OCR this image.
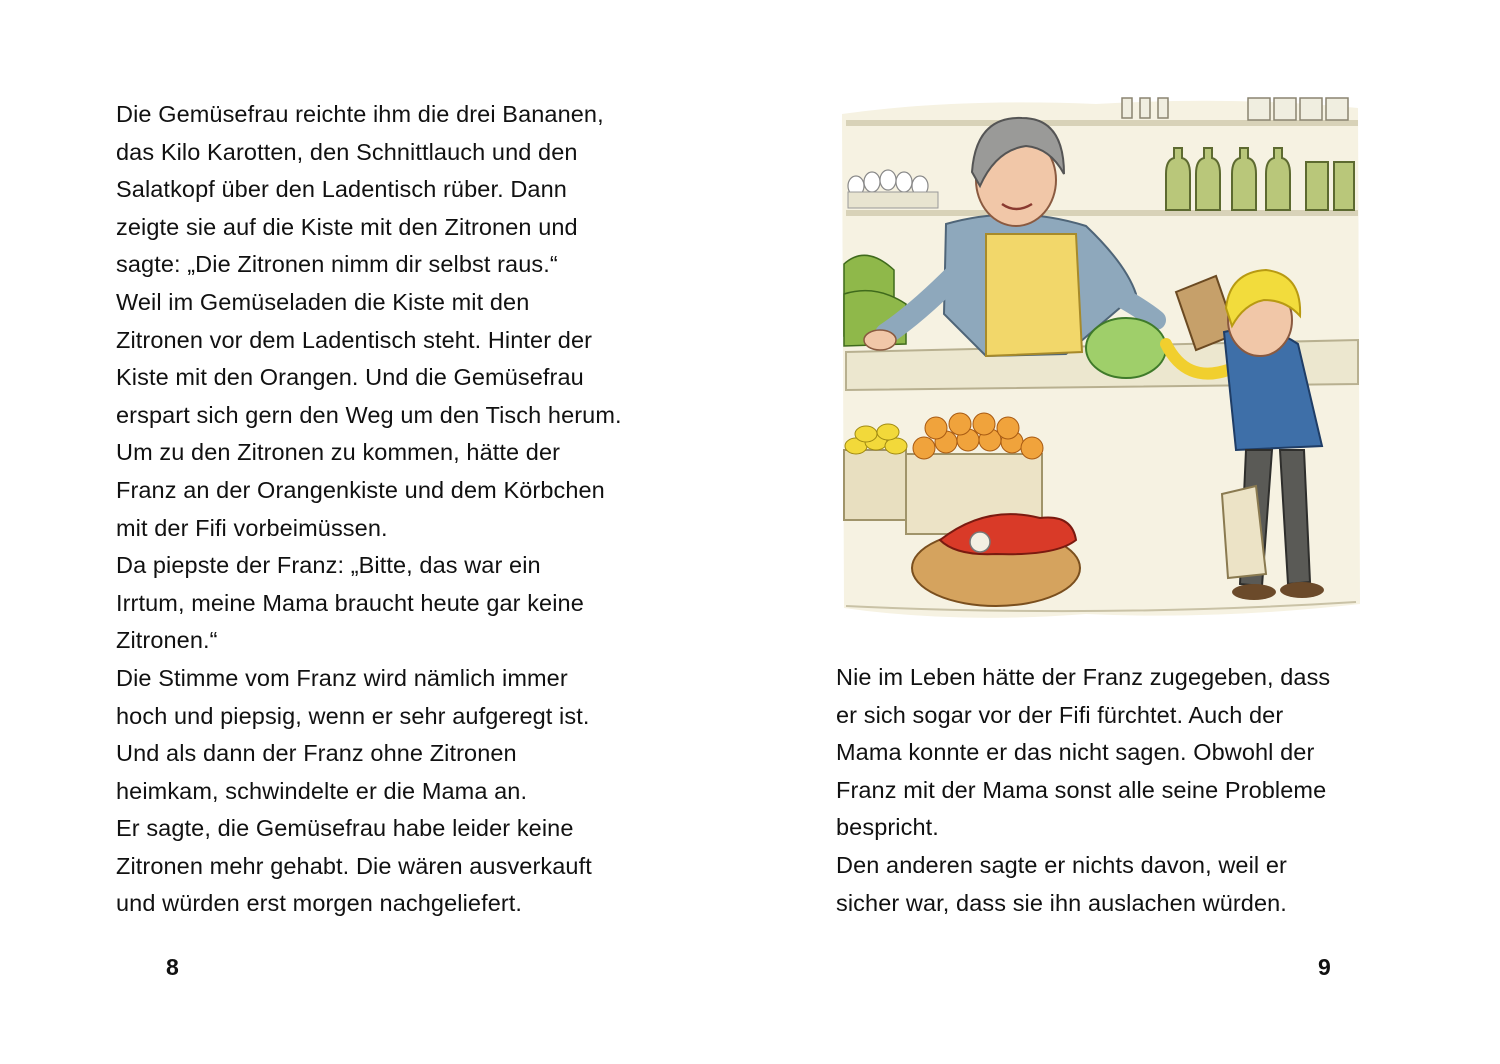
Die Gemüsefrau reichte ihm die drei Bananen,
das Kilo Karotten, den Schnittlauch und den
Salatkopf über den Ladentisch rüber. Dann
zeigte sie auf die Kiste mit den Zitronen und
sagte: „Die Zitronen nimm dir selbst raus.“
Weil im Gemüseladen die Kiste mit den
Zitronen vor dem Ladentisch steht. Hinter der
Kiste mit den Orangen. Und die Gemüsefrau
erspart sich gern den Weg um den Tisch herum.
Um zu den Zitronen zu kommen, hätte der
Franz an der Orangenkiste und dem Körbchen
mit der Fifi vorbeimüssen.
Da piepste der Franz: „Bitte, das war ein
Irrtum, meine Mama braucht heute gar keine
Zitronen.“
Die Stimme vom Franz wird nämlich immer
hoch und piepsig, wenn er sehr aufgeregt ist.
Und als dann der Franz ohne Zitronen
heimkam, schwindelte er die Mama an.
Er sagte, die Gemüsefrau habe leider keine
Zitronen mehr gehabt. Die wären ausverkauft
und würden erst morgen nachgeliefert.
8
Nie im Leben hätte der Franz zugegeben, dass
er sich sogar vor der Fifi fürchtet. Auch der
Mama konnte er das nicht sagen. Obwohl der
Franz mit der Mama sonst alle seine Probleme
bespricht.
Den anderen sagte er nichts davon, weil er
sicher war, dass sie ihn auslachen würden.
9
